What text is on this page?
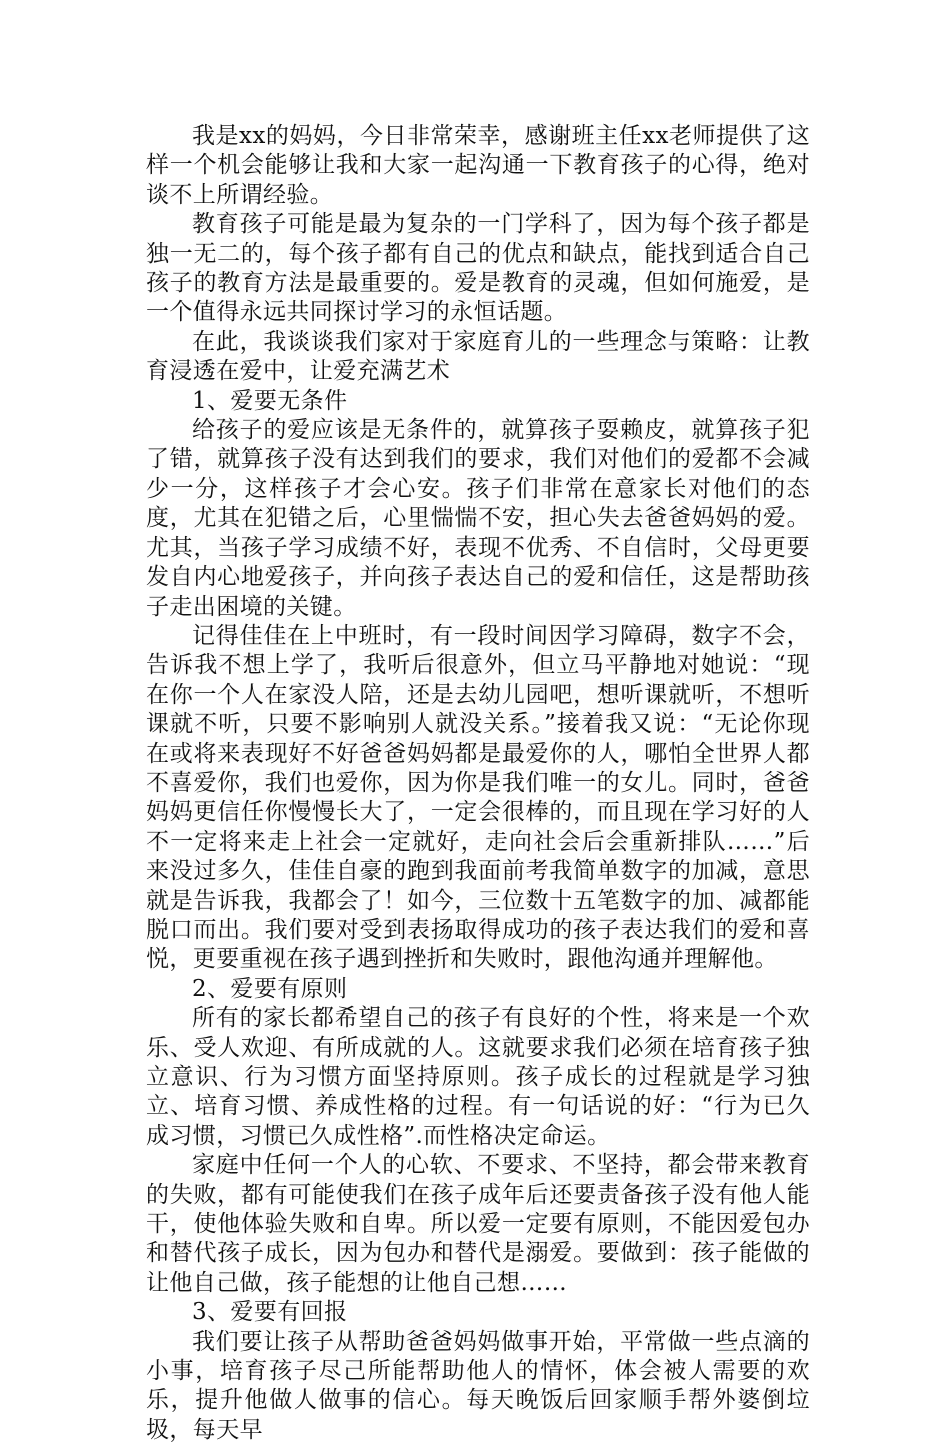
我是xx的妈妈，今日非常荣幸，感谢班主任xx老师提供了这样一个机会能够让我和大家一起沟通一下教育孩子的心得，绝对谈不上所谓经验。

教育孩子可能是最为复杂的一门学科了，因为每个孩子都是独一无二的，每个孩子都有自己的优点和缺点，能找到适合自己孩子的教育方法是最重要的。爱是教育的灵魂，但如何施爱，是一个值得永远共同探讨学习的永恒话题。

在此，我谈谈我们家对于家庭育儿的一些理念与策略：让教育浸透在爱中，让爱充满艺术

1、爱要无条件

给孩子的爱应该是无条件的，就算孩子耍赖皮，就算孩子犯了错，就算孩子没有达到我们的要求，我们对他们的爱都不会减少一分，这样孩子才会心安。孩子们非常在意家长对他们的态度，尤其在犯错之后，心里惴惴不安，担心失去爸爸妈妈的爱。尤其，当孩子学习成绩不好，表现不优秀、不自信时，父母更要发自内心地爱孩子，并向孩子表达自己的爱和信任，这是帮助孩子走出困境的关键。

记得佳佳在上中班时，有一段时间因学习障碍，数字不会，告诉我不想上学了，我听后很意外，但立马平静地对她说：“现在你一个人在家没人陪，还是去幼儿园吧，想听课就听，不想听课就不听，只要不影响别人就没关系。”接着我又说：“无论你现在或将来表现好不好爸爸妈妈都是最爱你的人，哪怕全世界人都不喜爱你，我们也爱你，因为你是我们唯一的女儿。同时，爸爸妈妈更信任你慢慢长大了，一定会很棒的，而且现在学习好的人不一定将来走上社会一定就好，走向社会后会重新排队……”后来没过多久，佳佳自豪的跑到我面前考我简单数字的加减，意思就是告诉我，我都会了！如今，三位数十五笔数字的加、减都能脱口而出。我们要对受到表扬取得成功的孩子表达我们的爱和喜悦，更要重视在孩子遇到挫折和失败时，跟他沟通并理解他。

2、爱要有原则

所有的家长都希望自己的孩子有良好的个性，将来是一个欢乐、受人欢迎、有所成就的人。这就要求我们必须在培育孩子独立意识、行为习惯方面坚持原则。孩子成长的过程就是学习独立、培育习惯、养成性格的过程。有一句话说的好：“行为已久成习惯，习惯已久成性格”.而性格决定命运。

家庭中任何一个人的心软、不要求、不坚持，都会带来教育的失败，都有可能使我们在孩子成年后还要责备孩子没有他人能干，使他体验失败和自卑。所以爱一定要有原则，不能因爱包办和替代孩子成长，因为包办和替代是溺爱。要做到：孩子能做的让他自己做，孩子能想的让他自己想……

3、爱要有回报

我们要让孩子从帮助爸爸妈妈做事开始，平常做一些点滴的小事，培育孩子尽己所能帮助他人的情怀，体会被人需要的欢乐，提升他做人做事的信心。每天晚饭后回家顺手帮外婆倒垃圾，每天早
